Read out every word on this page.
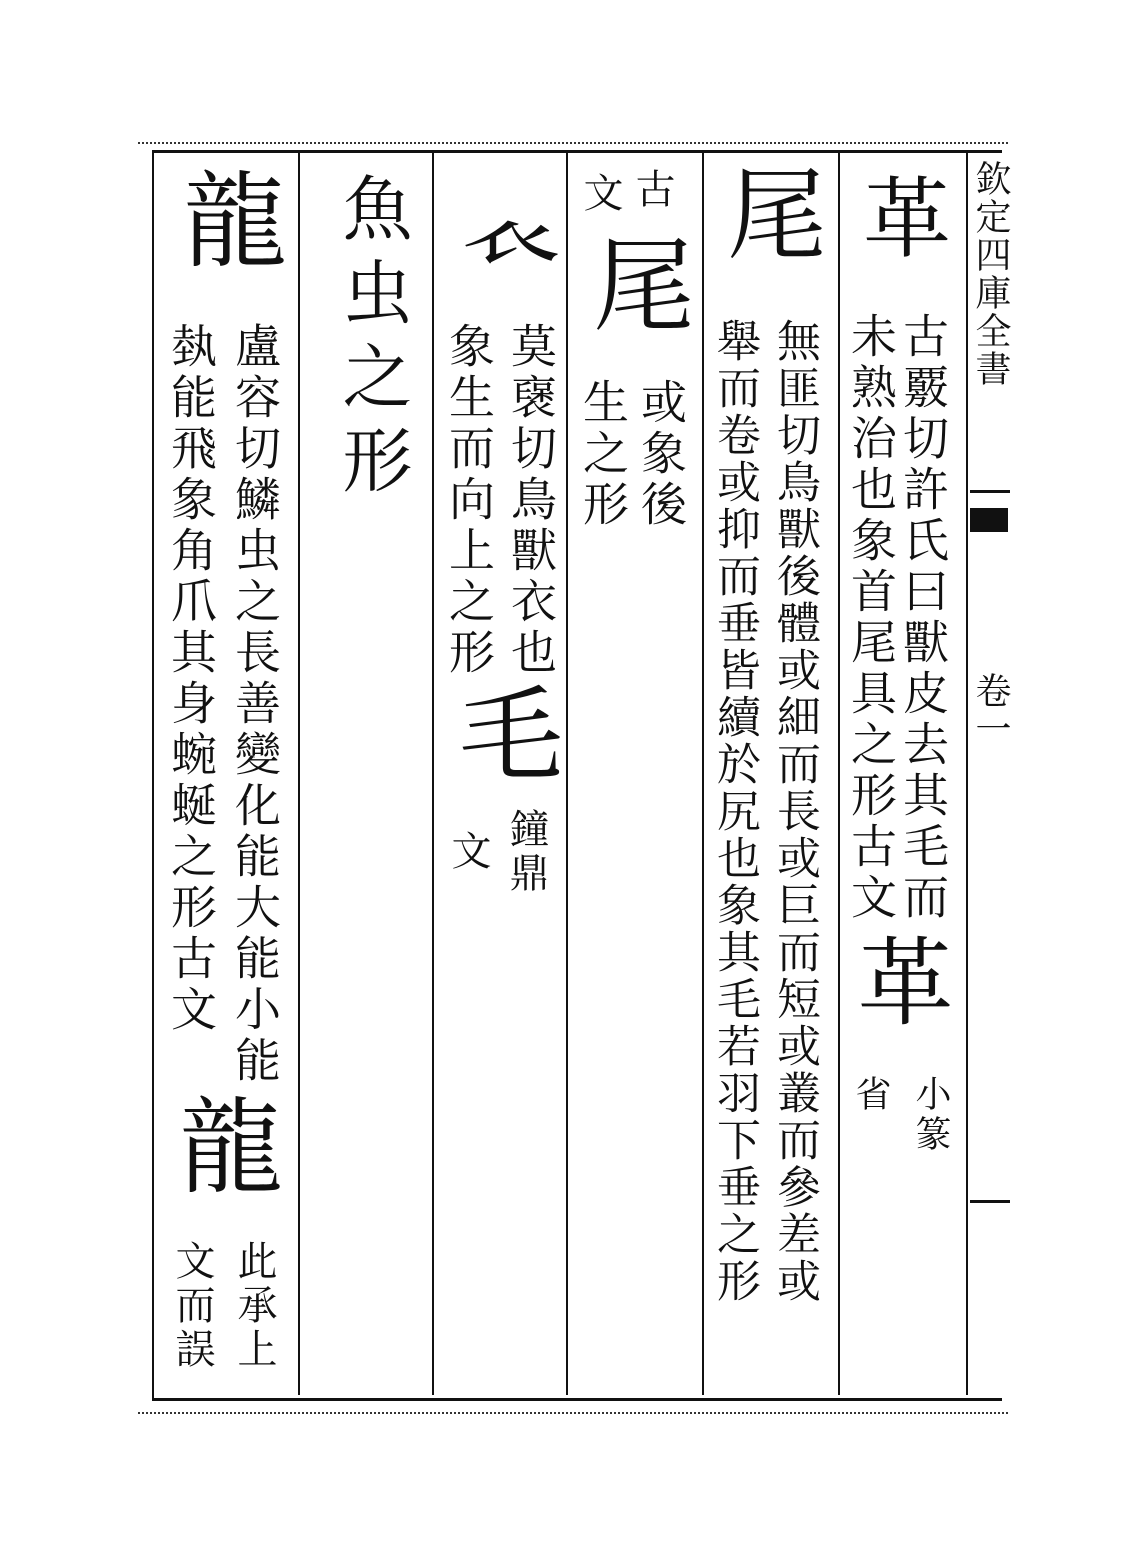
欽定四庫全書
卷一
革
古覈切許氏曰獸皮去其毛而
未熟治也象首尾具之形古文
革
小篆
省
尾
無匪切鳥獸後體或細而長或巨而短或叢而參差或
舉而卷或抑而垂皆續於尻也象其毛若羽下垂之形
古
文
尾
或象後
生之形
𧘇
莫襃切鳥獸衣也
象生而向上之形
毛
鐘鼎
文
魚虫之形
龍
盧容切鱗虫之長善變化能大能小能
埶能飛象角爪其身蜿蜒之形古文
龍
此承上
文而誤
